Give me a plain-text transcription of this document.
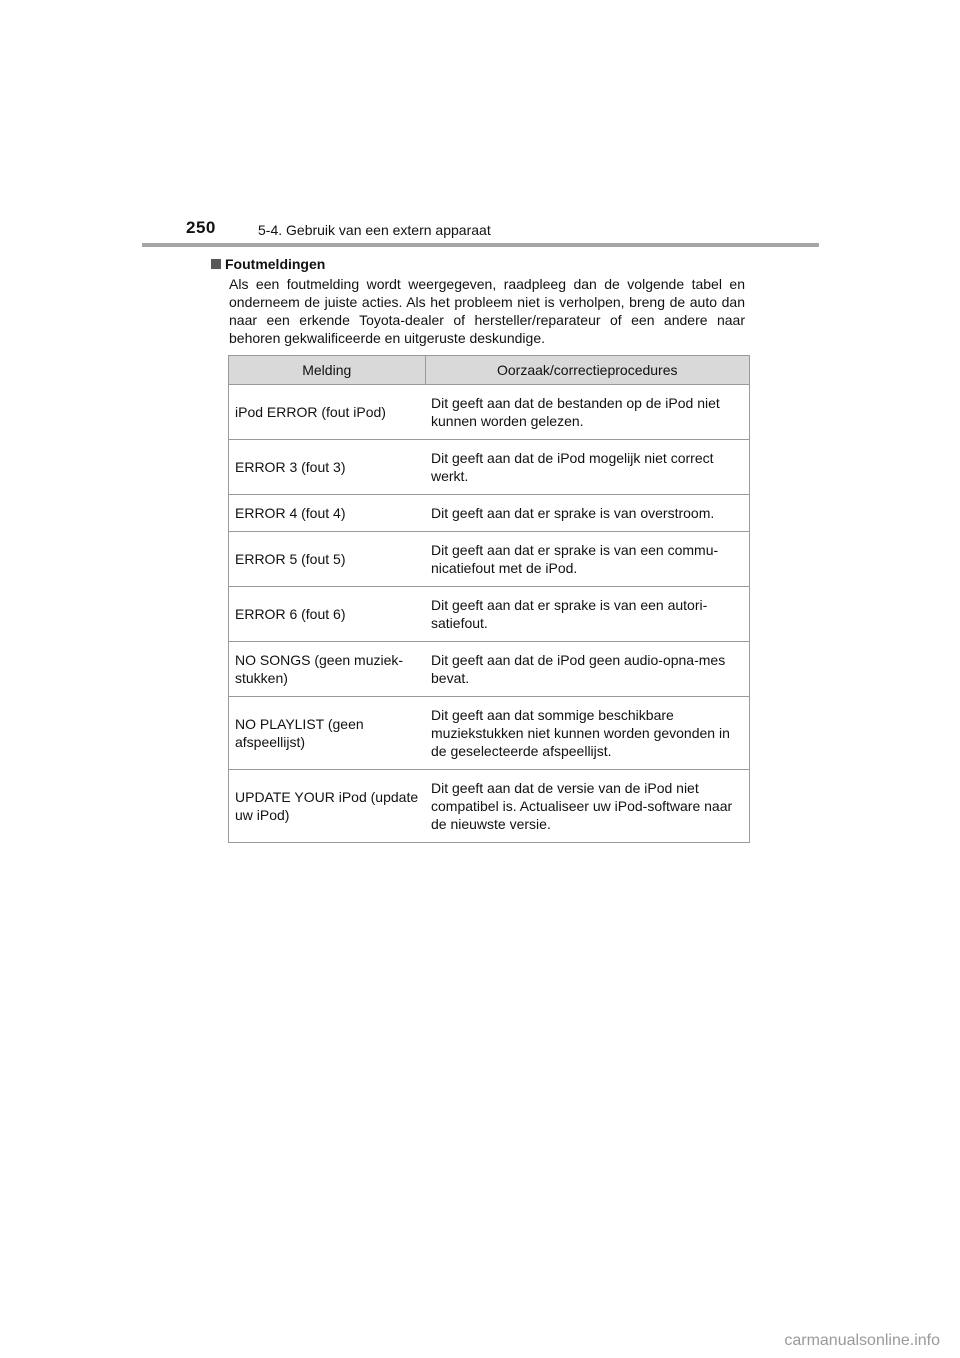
250	5-4. Gebruik van een extern apparaat
Foutmeldingen
Als een foutmelding wordt weergegeven, raadpleeg dan de volgende tabel en onderneem de juiste acties. Als het probleem niet is verholpen, breng de auto dan naar een erkende Toyota-dealer of hersteller/reparateur of een andere naar behoren gekwalificeerde en uitgeruste deskundige.
Melding	Oorzaak/correctieprocedures
iPod ERROR (fout iPod)	Dit geeft aan dat de bestanden op de iPod niet kunnen worden gelezen.
ERROR 3 (fout 3)	Dit geeft aan dat de iPod mogelijk niet correct werkt.
ERROR 4 (fout 4)	Dit geeft aan dat er sprake is van overstroom.
ERROR 5 (fout 5)	Dit geeft aan dat er sprake is van een commu-nicatiefout met de iPod.
ERROR 6 (fout 6)	Dit geeft aan dat er sprake is van een autori-satiefout.
NO SONGS (geen muziek-stukken)	Dit geeft aan dat de iPod geen audio-opna-mes bevat.
NO PLAYLIST (geen afspeellijst)	Dit geeft aan dat sommige beschikbare muziekstukken niet kunnen worden gevonden in de geselecteerde afspeellijst.
UPDATE YOUR iPod (update uw iPod)	Dit geeft aan dat de versie van de iPod niet compatibel is. Actualiseer uw iPod-software naar de nieuwste versie.
carmanualsonline.info
